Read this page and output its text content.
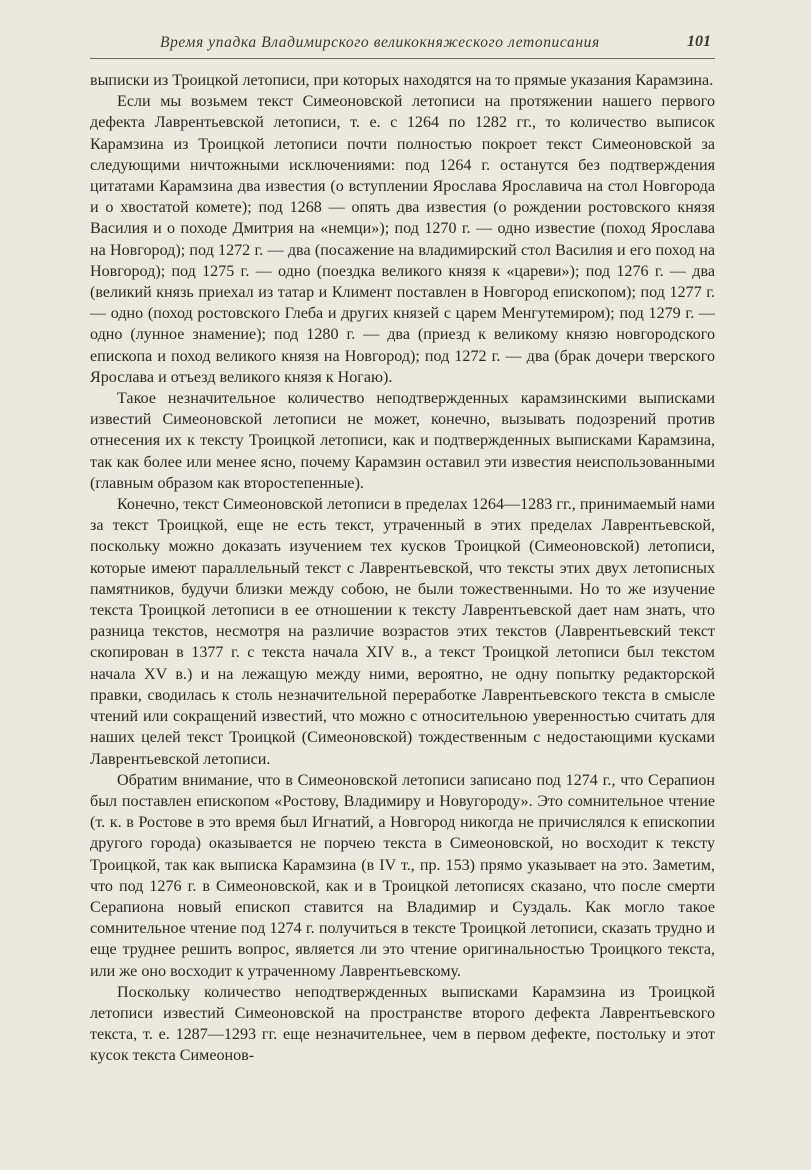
Время упадка Владимирского великокняжеского летописания	101

выписки из Троицкой летописи, при которых находятся на то прямые указания Карамзина.

Если мы возьмем текст Симеоновской летописи на протяжении нашего первого дефекта Лаврентьевской летописи, т. е. с 1264 по 1282 гг., то количество выписок Карамзина из Троицкой летописи почти полностью покроет текст Симеоновской за следующими ничтожными исключениями: под 1264 г. останутся без подтверждения цитатами Карамзина два известия (о вступлении Ярослава Ярославича на стол Новгорода и о хвостатой комете); под 1268 — опять два известия (о рождении ростовского князя Василия и о походе Дмитрия на «немци»); под 1270 г. — одно известие (поход Ярослава на Новгород); под 1272 г. — два (посажение на владимирский стол Василия и его поход на Новгород); под 1275 г. — одно (поездка великого князя к «цареви»); под 1276 г. — два (великий князь приехал из татар и Климент поставлен в Новгород епископом); под 1277 г. — одно (поход ростовского Глеба и других князей с царем Менгутемиром); под 1279 г. — одно (лунное знамение); под 1280 г. — два (приезд к великому князю новгородского епископа и поход великого князя на Новгород); под 1272 г. — два (брак дочери тверского Ярослава и отъезд великого князя к Ногаю).

Такое незначительное количество неподтвержденных карамзинскими выписками известий Симеоновской летописи не может, конечно, вызывать подозрений против отнесения их к тексту Троицкой летописи, как и подтвержденных выписками Карамзина, так как более или менее ясно, почему Карамзин оставил эти известия неиспользованными (главным образом как второстепенные).

Конечно, текст Симеоновской летописи в пределах 1264—1283 гг., принимаемый нами за текст Троицкой, еще не есть текст, утраченный в этих пределах Лаврентьевской, поскольку можно доказать изучением тех кусков Троицкой (Симеоновской) летописи, которые имеют параллельный текст с Лаврентьевской, что тексты этих двух летописных памятников, будучи близки между собою, не были тожественными. Но то же изучение текста Троицкой летописи в ее отношении к тексту Лаврентьевской дает нам знать, что разница текстов, несмотря на различие возрастов этих текстов (Лаврентьевский текст скопирован в 1377 г. с текста начала XIV в., а текст Троицкой летописи был текстом начала XV в.) и на лежащую между ними, вероятно, не одну попытку редакторской правки, сводилась к столь незначительной переработке Лаврентьевского текста в смысле чтений или сокращений известий, что можно с относительною уверенностью считать для наших целей текст Троицкой (Симеоновской) тождественным с недостающими кусками Лаврентьевской летописи.

Обратим внимание, что в Симеоновской летописи записано под 1274 г., что Серапион был поставлен епископом «Ростову, Владимиру и Новугороду». Это сомнительное чтение (т. к. в Ростове в это время был Игнатий, а Новгород никогда не причислялся к епископии другого города) оказывается не порчею текста в Симеоновской, но восходит к тексту Троицкой, так как выписка Карамзина (в IV т., пр. 153) прямо указывает на это. Заметим, что под 1276 г. в Симеоновской, как и в Троицкой летописях сказано, что после смерти Серапиона новый епископ ставится на Владимир и Суздаль. Как могло такое сомнительное чтение под 1274 г. получиться в тексте Троицкой летописи, сказать трудно и еще труднее решить вопрос, является ли это чтение оригинальностью Троицкого текста, или же оно восходит к утраченному Лаврентьевскому.

Поскольку количество неподтвержденных выписками Карамзина из Троицкой летописи известий Симеоновской на пространстве второго дефекта Лаврентьевского текста, т. е. 1287—1293 гг. еще незначительнее, чем в первом дефекте, постольку и этот кусок текста Симеонов-
